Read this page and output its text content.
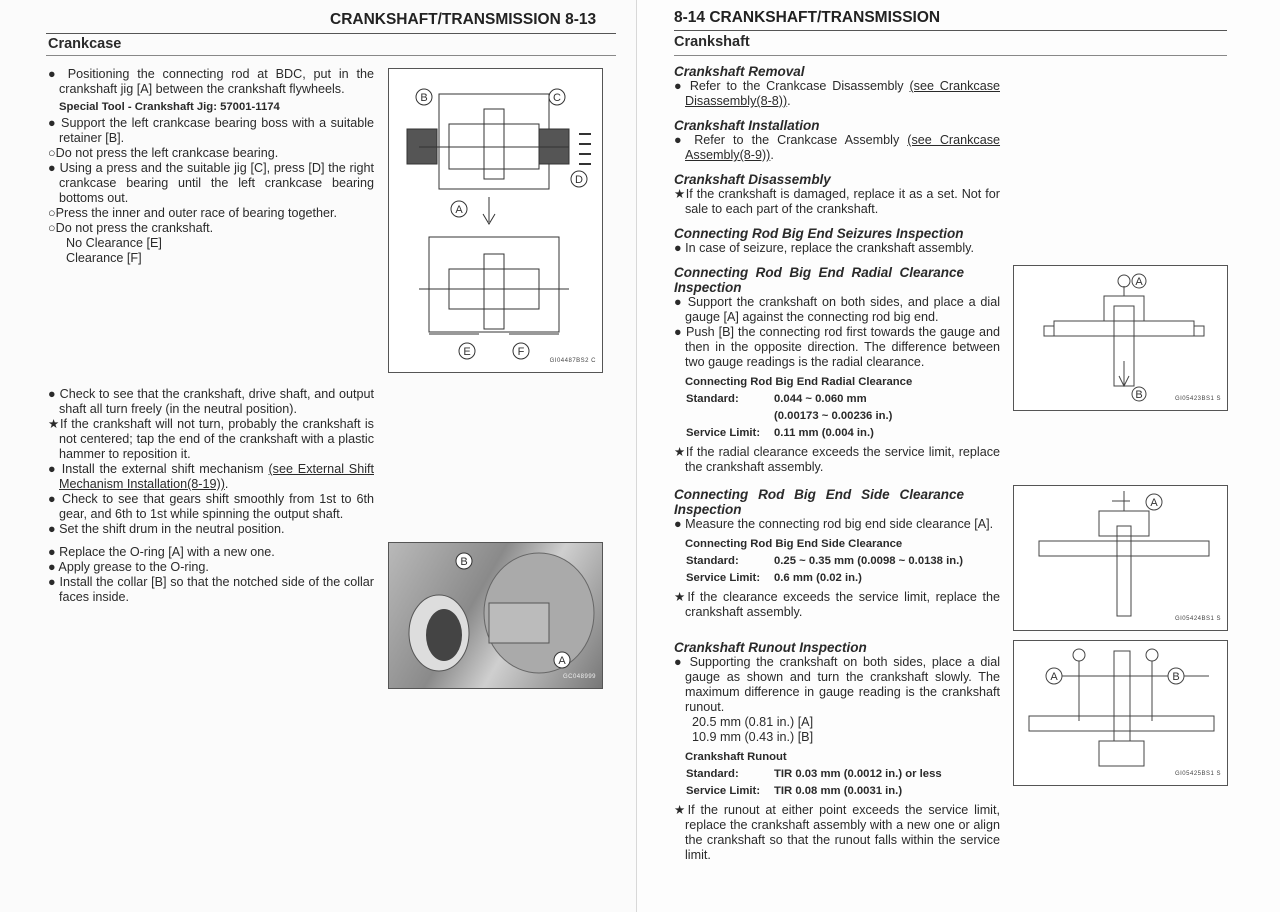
CRANKSHAFT/TRANSMISSION 8-13
Crankcase
● Positioning the connecting rod at BDC, put in the crankshaft jig [A] between the crankshaft flywheels.
Special Tool - Crankshaft Jig: 57001-1174
● Support the left crankcase bearing boss with a suitable retainer [B].
○Do not press the left crankcase bearing.
● Using a press and the suitable jig [C], press [D] the right crankcase bearing until the left crankcase bearing bottoms out.
○Press the inner and outer race of bearing together.
○Do not press the crankshaft.
No Clearance [E]
Clearance [F]
● Check to see that the crankshaft, drive shaft, and output shaft all turn freely (in the neutral position).
★If the crankshaft will not turn, probably the crankshaft is not centered; tap the end of the crankshaft with a plastic hammer to reposition it.
● Install the external shift mechanism (see External Shift Mechanism Installation(8-19)).
● Check to see that gears shift smoothly from 1st to 6th gear, and 6th to 1st while spinning the output shaft.
● Set the shift drum in the neutral position.
● Replace the O-ring [A] with a new one.
● Apply grease to the O-ring.
● Install the collar [B] so that the notched side of the collar faces inside.
B	C
D
A
E	F
GI04487BS2 C
B
A
GC048999
8-14 CRANKSHAFT/TRANSMISSION
Crankshaft
Crankshaft Removal
● Refer to the Crankcase Disassembly (see Crankcase Disassembly(8-8)).
Crankshaft Installation
● Refer to the Crankcase Assembly (see Crankcase Assembly(8-9)).
Crankshaft Disassembly
★If the crankshaft is damaged, replace it as a set. Not for sale to each part of the crankshaft.
Connecting Rod Big End Seizures Inspection
● In case of seizure, replace the crankshaft assembly.
Connecting Rod Big End Radial Clearance Inspection
● Support the crankshaft on both sides, and place a dial gauge [A] against the connecting rod big end.
● Push [B] the connecting rod first towards the gauge and then in the opposite direction. The difference between two gauge readings is the radial clearance.
Connecting Rod Big End Radial Clearance
Standard:	0.044 ~ 0.060 mm
(0.00173 ~ 0.00236 in.)
Service Limit: 0.11 mm (0.004 in.)
★If the radial clearance exceeds the service limit, replace the crankshaft assembly.
Connecting Rod Big End Side Clearance Inspection
● Measure the connecting rod big end side clearance [A].
Connecting Rod Big End Side Clearance
Standard:	0.25 ~ 0.35 mm (0.0098 ~ 0.0138 in.)
Service Limit: 0.6 mm (0.02 in.)
★If the clearance exceeds the service limit, replace the crankshaft assembly.
Crankshaft Runout Inspection
● Supporting the crankshaft on both sides, place a dial gauge as shown and turn the crankshaft slowly. The maximum difference in gauge reading is the crankshaft runout.
20.5 mm (0.81 in.) [A]
10.9 mm (0.43 in.) [B]
Crankshaft Runout
Standard:	TIR 0.03 mm (0.0012 in.) or less
Service Limit: TIR 0.08 mm (0.0031 in.)
★If the runout at either point exceeds the service limit, replace the crankshaft assembly with a new one or align the crankshaft so that the runout falls within the service limit.
A
B	GI05423BS1 S
A
GI05424BS1 S
A	B
GI05425BS1 S
